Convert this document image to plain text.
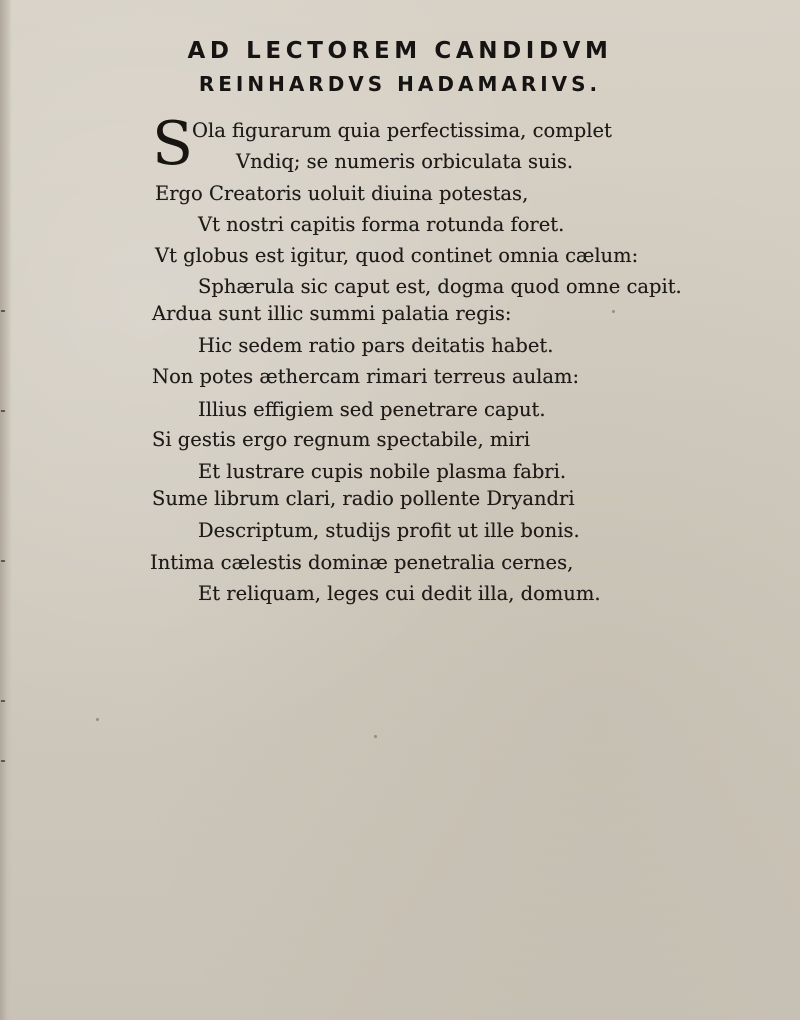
AD LECTOREM CANDIDVM
REINHARDVS HADAMARIVS.
S
Ola figurarum quia perfectissima, complet
Vndiq; se numeris orbiculata suis.
Ergo Creatoris uoluit diuina potestas,
Vt nostri capitis forma rotunda foret.
Vt globus est igitur, quod continet omnia cælum:
Sphærula sic caput est, dogma quod omne capit.
Ardua sunt illic summi palatia regis:
Hic sedem ratio pars deitatis habet.
Non potes æthercam rimari terreus aulam:
Illius effigiem sed penetrare caput.
Si gestis ergo regnum spectabile, miri
Et lustrare cupis nobile plasma fabri.
Sume librum clari, radio pollente Dryandri
Descriptum, studijs profit ut ille bonis.
Intima cælestis dominæ penetralia cernes,
Et reliquam, leges cui dedit illa, domum.
